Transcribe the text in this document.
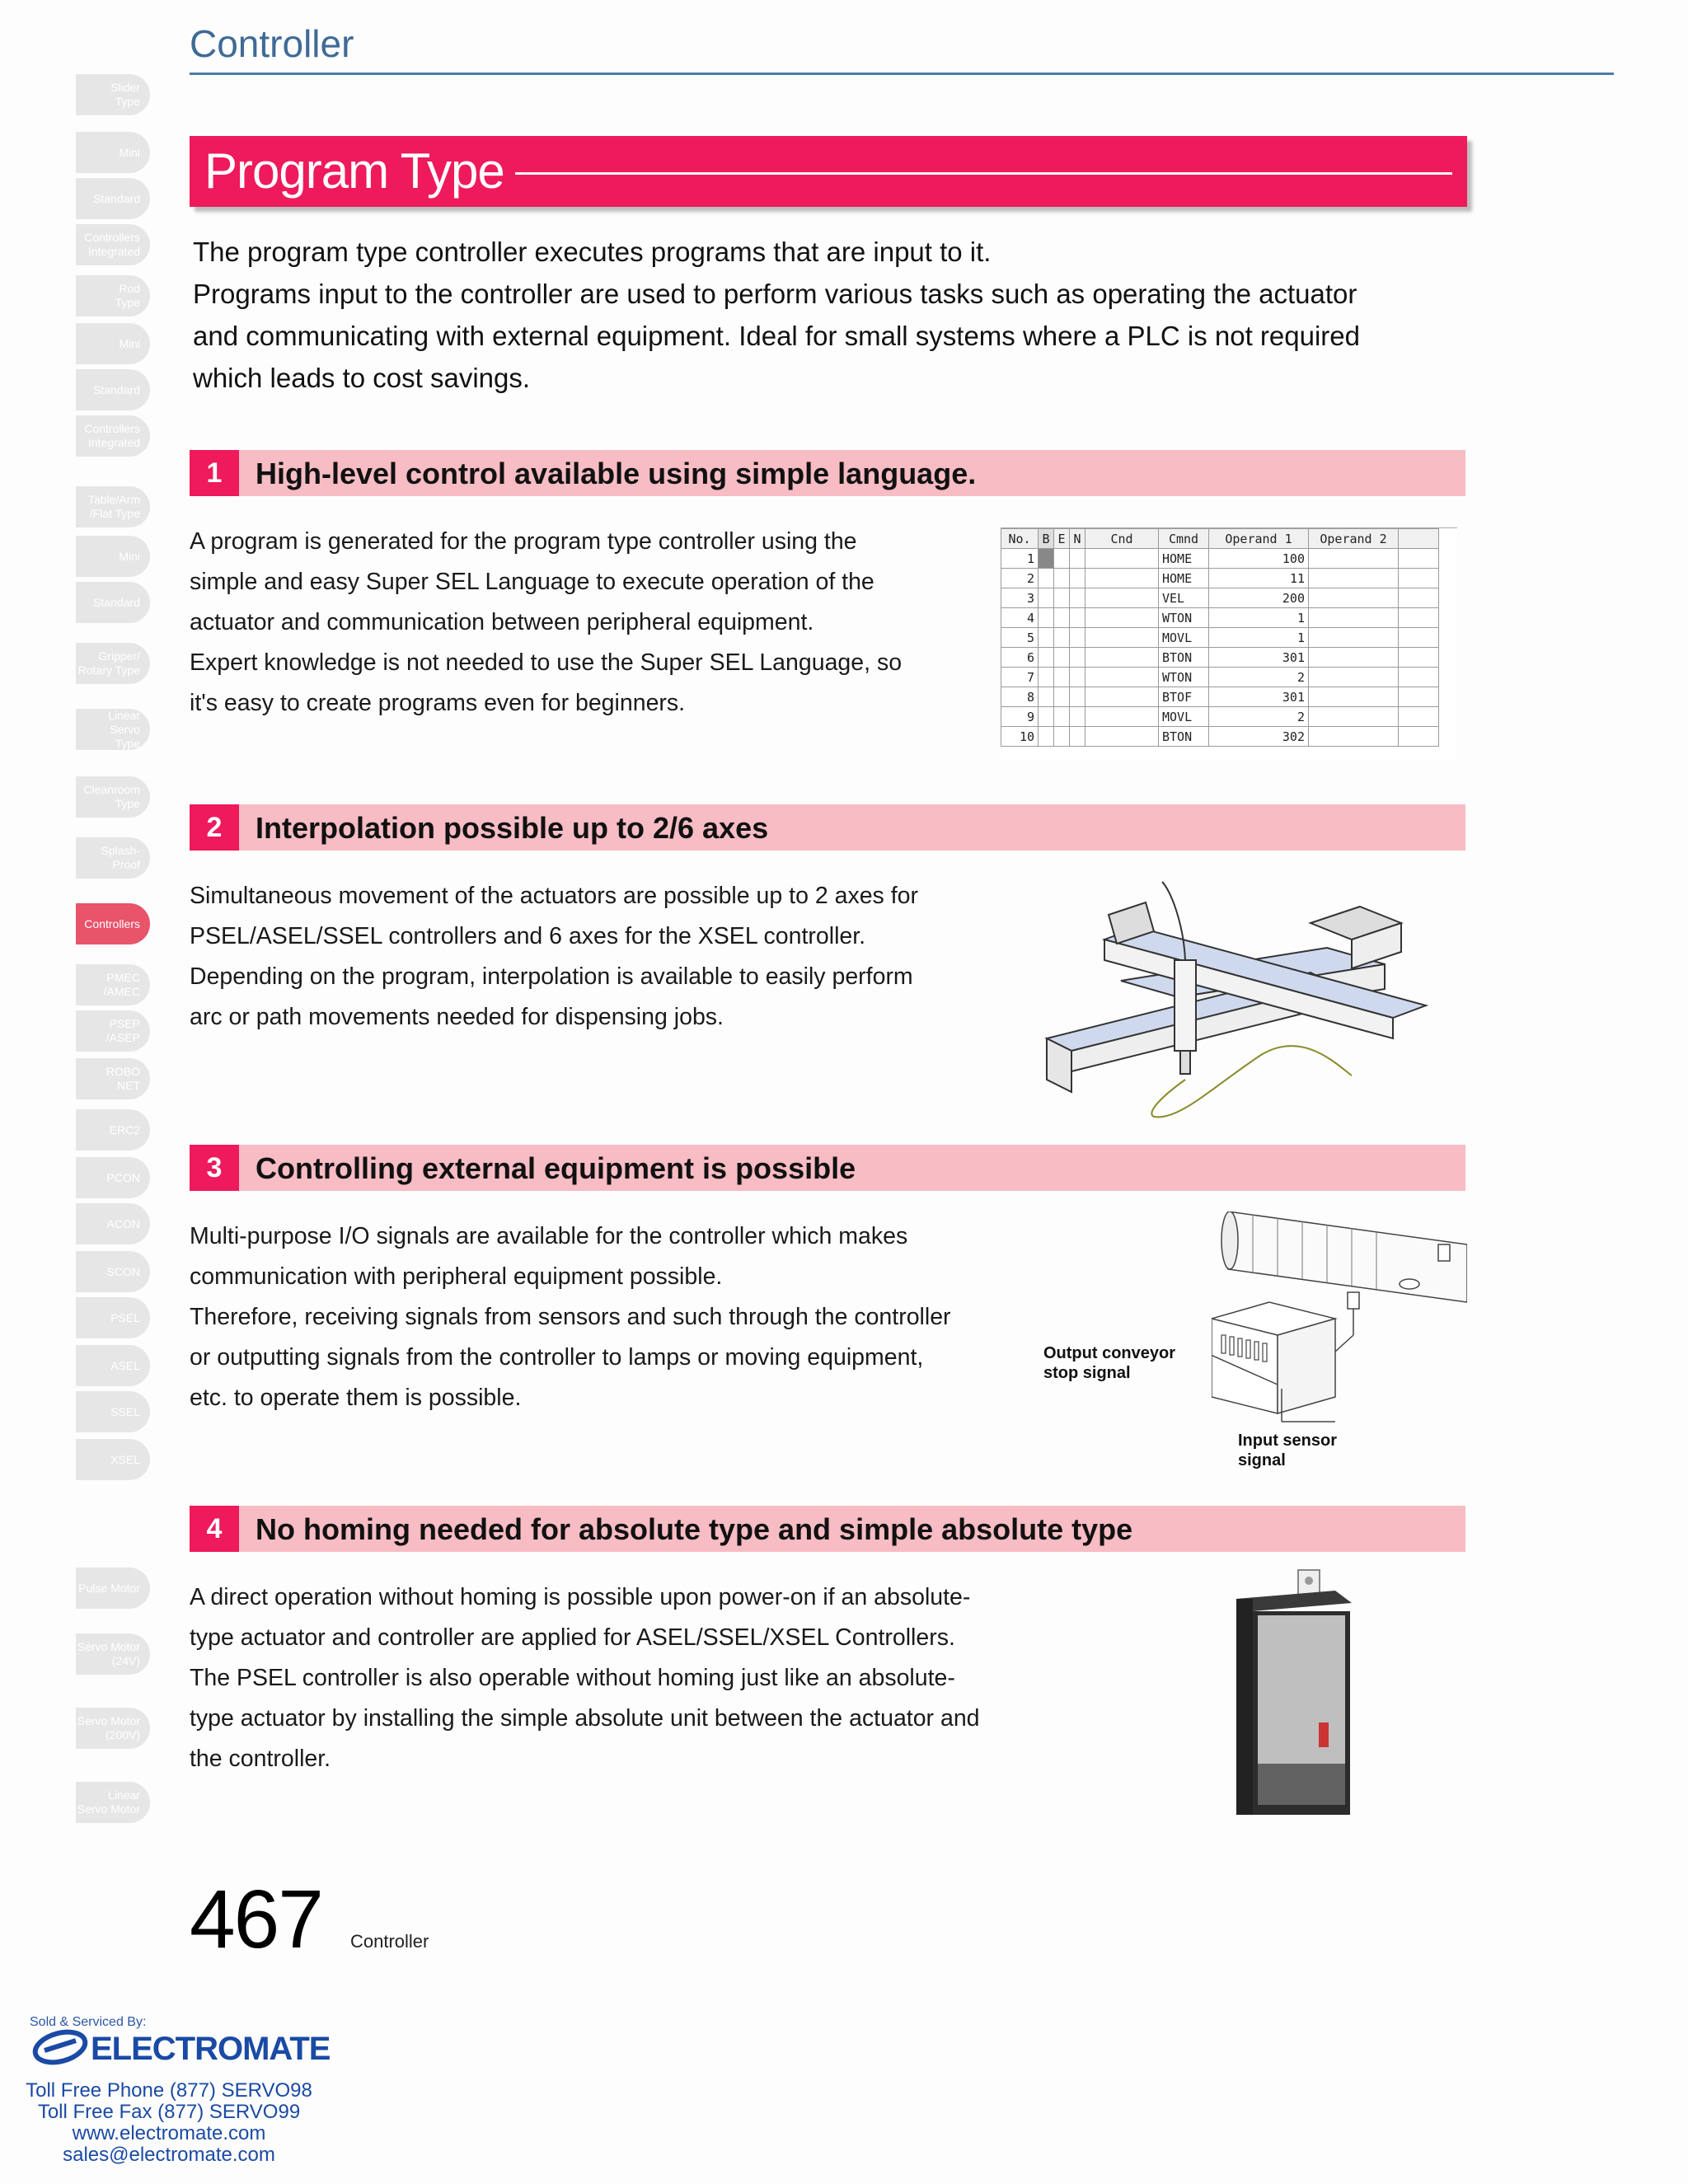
Controller
Slider
Type
Mini
Standard
Controllers
Integrated
Rod
Type
Mini
Standard
Controllers
Integrated
Table/Arm
/Flat Type
Mini
Standard
Gripper/
Rotary Type
Linear Servo
Type
Cleanroom
Type
Splash-Proof
Controllers
PMEC
/AMEC
PSEP
/ASEP
ROBO
NET
ERC2
PCON
ACON
SCON
PSEL
ASEL
SSEL
XSEL
Pulse Motor
Servo Motor
(24V)
Servo Motor
(200V)
Linear
Servo Motor
Program Type

The program type controller executes programs that are input to it.

Programs input to the controller are used to perform various tasks such as operating the actuator

and communicating with external equipment. Ideal for small systems where a PLC is not required

which leads to cost savings.

1	High-level control available using simple language.

A program is generated for the program type controller using the

simple and easy Super SEL Language to execute operation of the

actuator and communication between peripheral equipment.

Expert knowledge is not needed to use the Super SEL Language, so

it's easy to create programs even for beginners.

No.	B	E	N	Cnd	Cmnd	Operand 1	Operand 2	
1					HOME	100		
2					HOME	11		
3					VEL	200		
4					WTON	1		
5					MOVL	1		
6					BTON	301		
7					WTON	2		
8					BTOF	301		
9					MOVL	2		
10					BTON	302		
2	Interpolation possible up to 2/6 axes

Simultaneous movement of the actuators are possible up to 2 axes for

PSEL/ASEL/SSEL controllers and 6 axes for the XSEL controller.

Depending on the program, interpolation is available to easily perform

arc or path movements needed for dispensing jobs.

3	Controlling external equipment is possible

Multi-purpose I/O signals are available for the controller which makes

communication with peripheral equipment possible.

Therefore, receiving signals from sensors and such through the controller

or outputting signals from the controller to lamps or moving equipment,

etc. to operate them is possible.

Output conveyor
stop signal
Input sensor
signal
4	No homing needed for absolute type and simple absolute type

A direct operation without homing is possible upon power-on if an absolute-

type actuator and controller are applied for ASEL/SSEL/XSEL Controllers.

The PSEL controller is also operable without homing just like an absolute-

type actuator by installing the simple absolute unit between the actuator and

the controller.

467 Controller
Sold & Serviced By:
ELECTROMATE
Toll Free Phone (877) SERVO98
Toll Free Fax (877) SERVO99
www.electromate.com
sales@electromate.com
